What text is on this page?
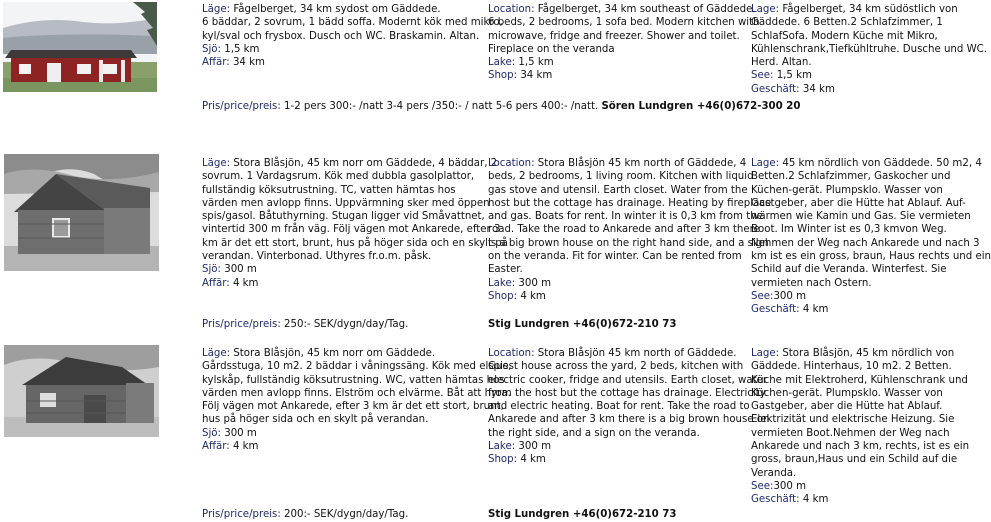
Läge: Fågelberget, 34 km sydost om Gäddede.
6 bäddar, 2 sovrum, 1 bädd soffa. Modernt kök med mikro,
kyl/sval och frysbox. Dusch och WC. Braskamin. Altan.
Sjö: 1,5 km
Affär: 34 km
Location: Fågelberget, 34 km southeast of Gäddede.
6 beds, 2 bedrooms, 1 sofa bed. Modern kitchen with
microwave, fridge and freezer. Shower and toilet.
Fireplace on the veranda
Lake: 1,5 km
Shop: 34 km
Lage: Fågelberget, 34 km südöstlich von
Gäddede. 6 Betten.2 Schlafzimmer, 1
SchlafSofa. Modern Küche mit Mikro,
Kühlenschrank,Tiefkühltruhe. Dusche und WC.
Herd. Altan.
See: 1,5 km
Geschäft: 34 km
Pris/price/preis: 1-2 pers 300:- /natt 3-4 pers /350:- / natt 5-6 pers 400:- /natt. Sören Lundgren +46(0)672-300 20
Läge: Stora Blåsjön, 45 km norr om Gäddede, 4 bäddar, 2
sovrum. 1 Vardagsrum. Kök med dubbla gasolplattor,
fullständig köksutrustning. TC, vatten hämtas hos
värden men avlopp finns. Uppvärmning sker med öppen
spis/gasol. Båtuthyrning. Stugan ligger vid Småvattnet,
vintertid 300 m från väg. Följ vägen mot Ankarede, efter 3
km är det ett stort, brunt, hus på höger sida och en skylt på
verandan. Vinterbonad. Uthyres fr.o.m. påsk.
Sjö: 300 m
Affär: 4 km
Location: Stora Blåsjön 45 km north of Gäddede, 4
beds, 2 bedrooms, 1 living room. Kitchen with liquid
gas stove and utensil. Earth closet. Water from the
host but the cottage has drainage. Heating by fireplace
and gas. Boats for rent. In winter it is 0,3 km from the
road. Take the road to Ankarede and after 3 km there
is a big brown house on the right hand side, and a sign
on the veranda. Fit for winter. Can be rented from
Easter.
Lake: 300 m
Shop: 4 km
Lage: 45 km nördlich von Gäddede. 50 m2, 4
Betten.2 Schlafzimmer, Gaskocher und
Küchen-gerät. Plumpsklo. Wasser von
Gastgeber, aber die Hütte hat Ablauf. Auf-
wärmen wie Kamin und Gas. Sie vermieten
Boot. Im Winter ist es 0,3 kmvon Weg.
Nehmen der Weg nach Ankarede und nach 3
km ist es ein gross, braun, Haus rechts und ein
Schild auf die Veranda. Winterfest. Sie
vermieten nach Ostern.
See:300 m
Geschäft: 4 km
Pris/price/preis: 250:- SEK/dygn/day/Tag.	Stig Lundgren +46(0)672-210 73
Läge: Stora Blåsjön, 45 km norr om Gäddede.
Gårdsstuga, 10 m2. 2 bäddar i våningssäng. Kök med elspis,
kylskåp, fullständig köksutrustning. WC, vatten hämtas hos
värden men avlopp finns. Elström och elvärme. Båt att hyra.
Följ vägen mot Ankarede, efter 3 km är det ett stort, brunt,
hus på höger sida och en skylt på verandan.
Sjö: 300 m
Affär: 4 km
Location: Stora Blåsjön 45 km north of Gäddede.
Guest house across the yard, 2 beds, kitchen with
electric cooker, fridge and utensils. Earth closet, water
from the host but the cottage has drainage. Electricity
and electric heating. Boat for rent. Take the road to
Ankarede and after 3 km there is a big brown house on
the right side, and a sign on the veranda.
Lake: 300 m
Shop: 4 km
Lage: Stora Blåsjön, 45 km nördlich von
Gäddede. Hinterhaus, 10 m2. 2 Betten.
Küche mit Elektroherd, Kühlenschrank und
Küchen-gerät. Plumpsklo. Wasser von
Gastgeber, aber die Hütte hat Ablauf.
Elektrizität und elektrische Heizung. Sie
vermieten Boot.Nehmen der Weg nach
Ankarede und nach 3 km, rechts, ist es ein
gross, braun,Haus und ein Schild auf die
Veranda.
See:300 m
Geschäft: 4 km
Pris/price/preis: 200:- SEK/dygn/day/Tag.	Stig Lundgren +46(0)672-210 73
